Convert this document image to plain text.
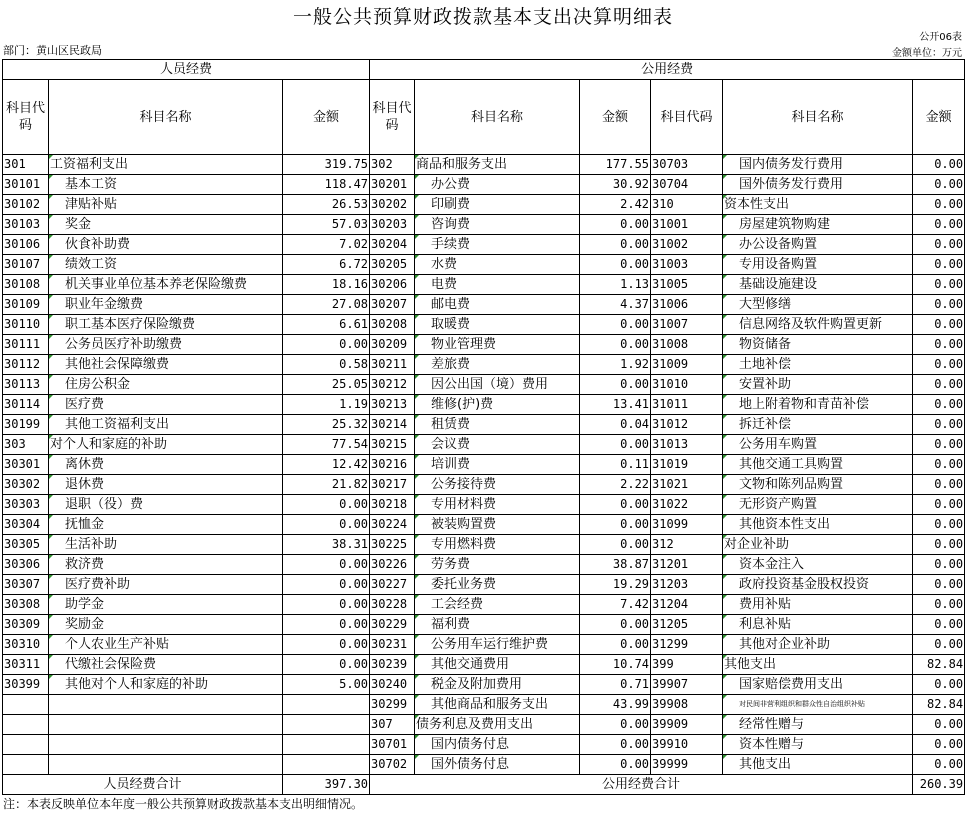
一般公共预算财政拨款基本支出决算明细表
公开06表
部门：黄山区民政局	金额单位：万元
人员经费			公用经费					
科目代码	科目名称	金额	科目代码	科目名称	金额	科目代码	科目名称	金额
301	工资福利支出	319.75	302	商品和服务支出	177.55	30703	国内债务发行费用	0.00
30101	基本工资	118.47	30201	办公费	30.92	30704	国外债务发行费用	0.00
30102	津贴补贴	26.53	30202	印刷费	2.42	310	资本性支出	0.00
30103	奖金	57.03	30203	咨询费	0.00	31001	房屋建筑物购建	0.00
30106	伙食补助费	7.02	30204	手续费	0.00	31002	办公设备购置	0.00
30107	绩效工资	6.72	30205	水费	0.00	31003	专用设备购置	0.00
30108	机关事业单位基本养老保险缴费	18.16	30206	电费	1.13	31005	基础设施建设	0.00
30109	职业年金缴费	27.08	30207	邮电费	4.37	31006	大型修缮	0.00
30110	职工基本医疗保险缴费	6.61	30208	取暖费	0.00	31007	信息网络及软件购置更新	0.00
30111	公务员医疗补助缴费	0.00	30209	物业管理费	0.00	31008	物资储备	0.00
30112	其他社会保障缴费	0.58	30211	差旅费	1.92	31009	土地补偿	0.00
30113	住房公积金	25.05	30212	因公出国（境）费用	0.00	31010	安置补助	0.00
30114	医疗费	1.19	30213	维修(护)费	13.41	31011	地上附着物和青苗补偿	0.00
30199	其他工资福利支出	25.32	30214	租赁费	0.04	31012	拆迁补偿	0.00
303	对个人和家庭的补助	77.54	30215	会议费	0.00	31013	公务用车购置	0.00
30301	离休费	12.42	30216	培训费	0.11	31019	其他交通工具购置	0.00
30302	退休费	21.82	30217	公务接待费	2.22	31021	文物和陈列品购置	0.00
30303	退职（役）费	0.00	30218	专用材料费	0.00	31022	无形资产购置	0.00
30304	抚恤金	0.00	30224	被装购置费	0.00	31099	其他资本性支出	0.00
30305	生活补助	38.31	30225	专用燃料费	0.00	312	对企业补助	0.00
30306	救济费	0.00	30226	劳务费	38.87	31201	资本金注入	0.00
30307	医疗费补助	0.00	30227	委托业务费	19.29	31203	政府投资基金股权投资	0.00
30308	助学金	0.00	30228	工会经费	7.42	31204	费用补贴	0.00
30309	奖励金	0.00	30229	福利费	0.00	31205	利息补贴	0.00
30310	个人农业生产补贴	0.00	30231	公务用车运行维护费	0.00	31299	其他对企业补助	0.00
30311	代缴社会保险费	0.00	30239	其他交通费用	10.74	399	其他支出	82.84
30399	其他对个人和家庭的补助	5.00	30240	税金及附加费用	0.71	39907	国家赔偿费用支出	0.00
			30299	其他商品和服务支出	43.99	39908	对民间非营利组织和群众性自治组织补贴	82.84
			307	债务利息及费用支出	0.00	39909	经常性赠与	0.00
			30701	国内债务付息	0.00	39910	资本性赠与	0.00
			30702	国外债务付息	0.00	39999	其他支出	0.00
人员经费合计		397.30	公用经费合计					260.39
注：本表反映单位本年度一般公共预算财政拨款基本支出明细情况。
